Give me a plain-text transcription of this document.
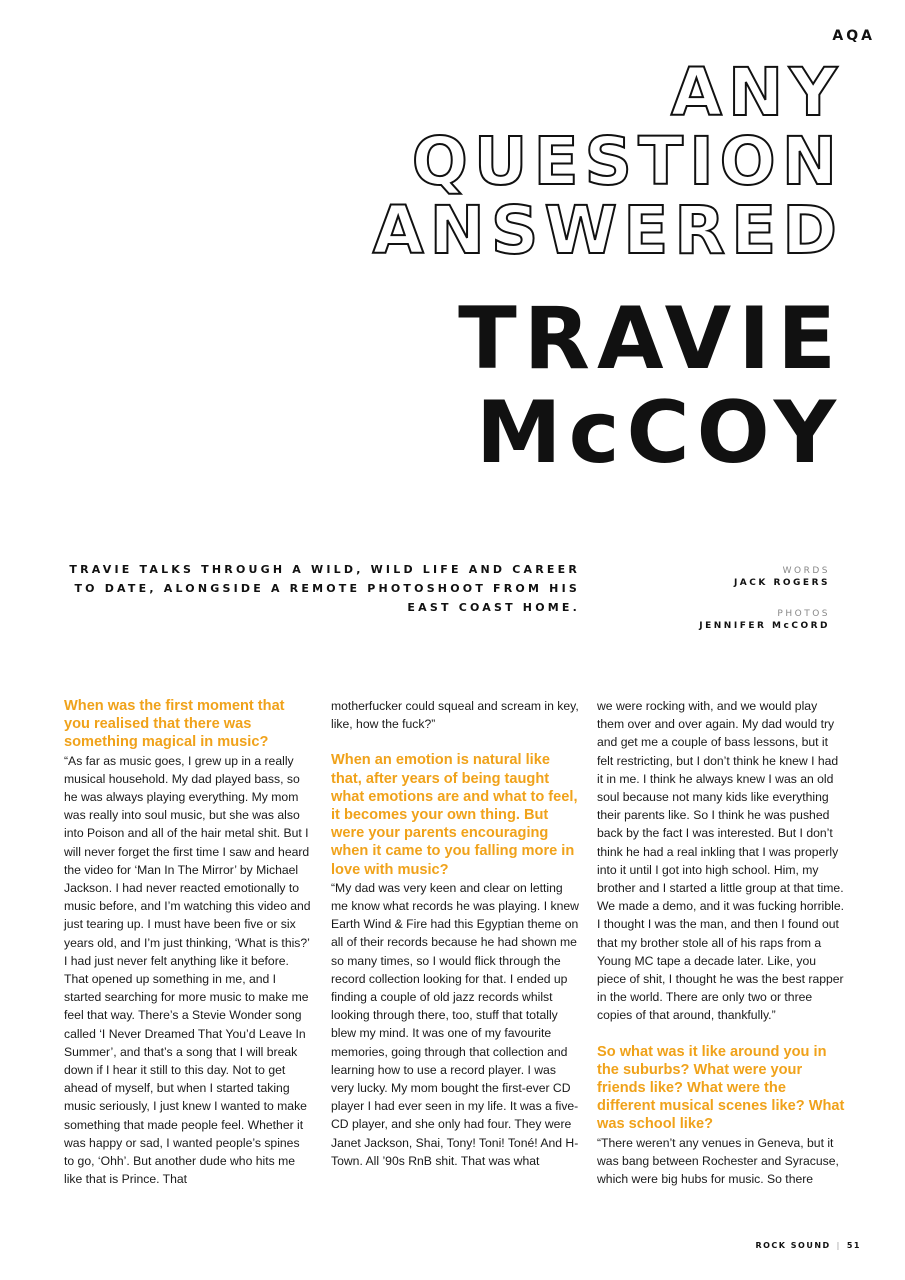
AQA
ANY
QUESTION
ANSWERED
TRAVIE
McCOY
TRAVIE TALKS THROUGH A WILD, WILD LIFE AND CAREER TO DATE, ALONGSIDE A REMOTE PHOTOSHOOT FROM HIS EAST COAST HOME.
WORDS
JACK ROGERS
PHOTOS
JENNIFER McCORD

When was the first moment that you realised that there was something magical in music?

“As far as music goes, I grew up in a really musical household. My dad played bass, so he was always playing everything. My mom was really into soul music, but she was also into Poison and all of the hair metal shit. But I will never forget the first time I saw and heard the video for ‘Man In The Mirror’ by Michael Jackson. I had never reacted emotionally to music before, and I’m watching this video and just tearing up. I must have been five or six years old, and I’m just thinking, ‘What is this?’ I had just never felt anything like it before. That opened up something in me, and I started searching for more music to make me feel that way. There’s a Stevie Wonder song called ‘I Never Dreamed That You’d Leave In Summer’, and that’s a song that I will break down if I hear it still to this day. Not to get ahead of myself, but when I started taking music seriously, I just knew I wanted to make something that made people feel. Whether it was happy or sad, I wanted people’s spines to go, ‘Ohh’. But another dude who hits me like that is Prince. That

motherfucker could squeal and scream in key, like, how the fuck?”

When an emotion is natural like that, after years of being taught what emotions are and what to feel, it becomes your own thing. But were your parents encouraging when it came to you falling more in love with music?

“My dad was very keen and clear on letting me know what records he was playing. I knew Earth Wind & Fire had this Egyptian theme on all of their records because he had shown me so many times, so I would flick through the record collection looking for that. I ended up finding a couple of old jazz records whilst looking through there, too, stuff that totally blew my mind. It was one of my favourite memories, going through that collection and learning how to use a record player. I was very lucky. My mom bought the first-ever CD player I had ever seen in my life. It was a five-CD player, and she only had four. They were Janet Jackson, Shai, Tony! Toni! Toné! And H-Town. All ’90s RnB shit. That was what

we were rocking with, and we would play them over and over again. My dad would try and get me a couple of bass lessons, but it felt restricting, but I don’t think he knew I had it in me. I think he always knew I was an old soul because not many kids like everything their parents like. So I think he was pushed back by the fact I was interested. But I don’t think he had a real inkling that I was properly into it until I got into high school. Him, my brother and I started a little group at that time. We made a demo, and it was fucking horrible. I thought I was the man, and then I found out that my brother stole all of his raps from a Young MC tape a decade later. Like, you piece of shit, I thought he was the best rapper in the world. There are only two or three copies of that around, thankfully.”

So what was it like around you in the suburbs? What were your friends like? What were the different musical scenes like? What was school like?

“There weren’t any venues in Geneva, but it was bang between Rochester and Syracuse, which were big hubs for music. So there

ROCK SOUND | 51
